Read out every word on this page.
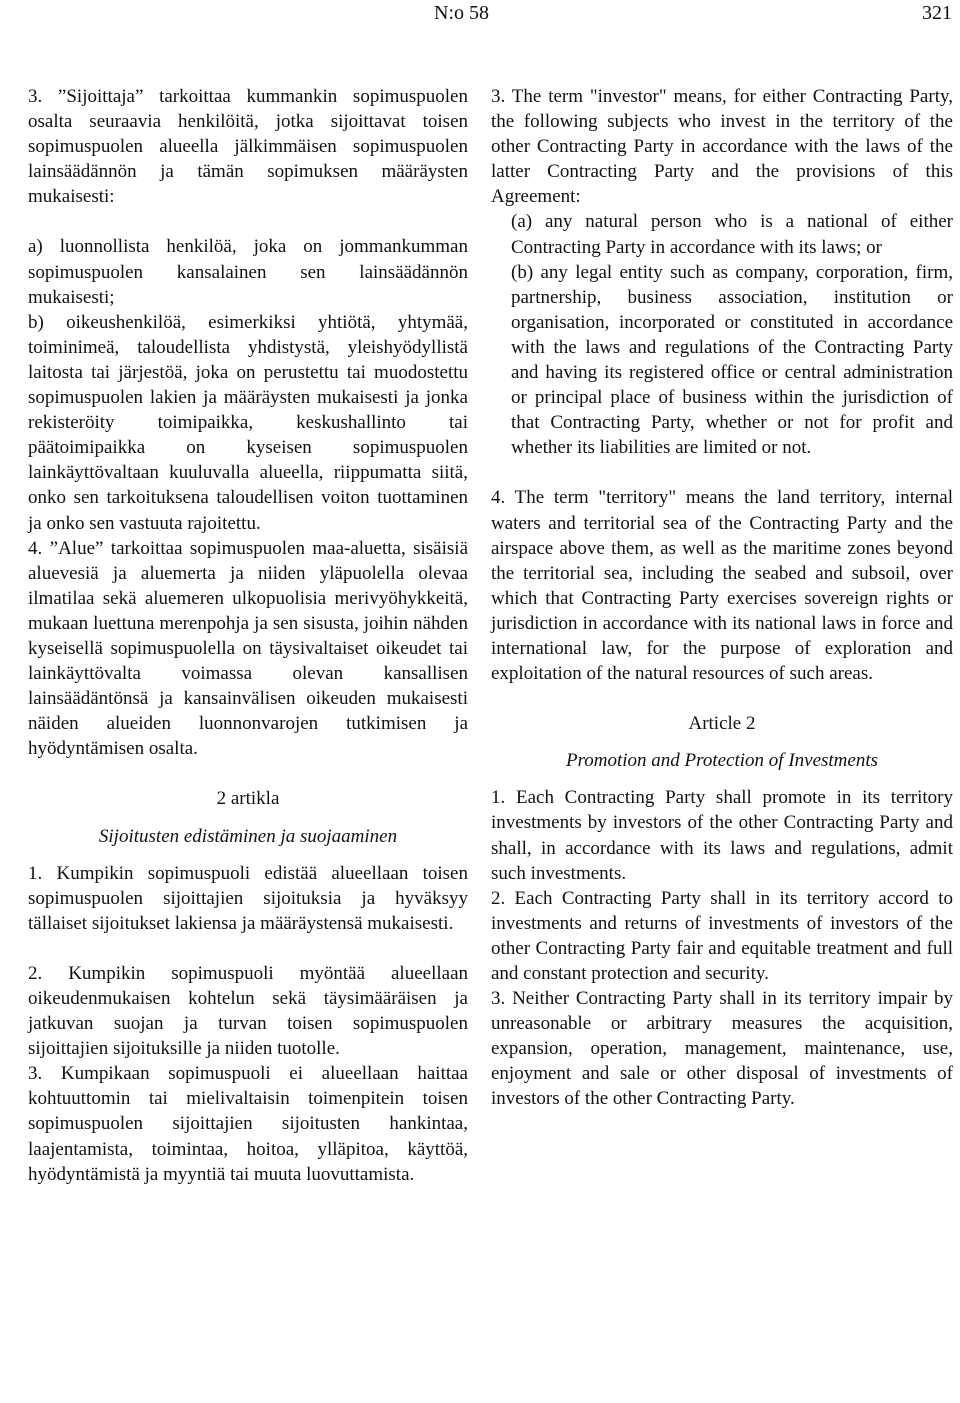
N:o 58	321

3. ”Sijoittaja” tarkoittaa kummankin sopimuspuolen osalta seuraavia henkilöitä, jotka sijoittavat toisen sopimuspuolen alueella jälkimmäisen sopimuspuolen lainsäädännön ja tämän sopimuksen määräysten mukaisesti:

a) luonnollista henkilöä, joka on jommankumman sopimuspuolen kansalainen sen lainsäädännön mukaisesti;

b) oikeushenkilöä, esimerkiksi yhtiötä, yhtymää, toiminimeä, taloudellista yhdistystä, yleishyödyllistä laitosta tai järjestöä, joka on perustettu tai muodostettu sopimuspuolen lakien ja määräysten mukaisesti ja jonka rekisteröity toimipaikka, keskushallinto tai päätoimipaikka on kyseisen sopimuspuolen lainkäyttövaltaan kuuluvalla alueella, riippumatta siitä, onko sen tarkoituksena taloudellisen voiton tuottaminen ja onko sen vastuuta rajoitettu.

4. ”Alue” tarkoittaa sopimuspuolen maa-aluetta, sisäisiä aluevesiä ja aluemerta ja niiden yläpuolella olevaa ilmatilaa sekä aluemeren ulkopuolisia merivyöhykkeitä, mukaan luettuna merenpohja ja sen sisusta, joihin nähden kyseisellä sopimuspuolella on täysivaltaiset oikeudet tai lainkäyttövalta voimassa olevan kansallisen lainsäädäntönsä ja kansainvälisen oikeuden mukaisesti näiden alueiden luonnonvarojen tutkimisen ja hyödyntämisen osalta.

2 artikla

Sijoitusten edistäminen ja suojaaminen

1. Kumpikin sopimuspuoli edistää alueellaan toisen sopimuspuolen sijoittajien sijoituksia ja hyväksyy tällaiset sijoitukset lakiensa ja määräystensä mukaisesti.

2. Kumpikin sopimuspuoli myöntää alueellaan oikeudenmukaisen kohtelun sekä täysimääräisen ja jatkuvan suojan ja turvan toisen sopimuspuolen sijoittajien sijoituksille ja niiden tuotolle.

3. Kumpikaan sopimuspuoli ei alueellaan haittaa kohtuuttomin tai mielivaltaisin toimenpitein toisen sopimuspuolen sijoittajien sijoitusten hankintaa, laajentamista, toimintaa, hoitoa, ylläpitoa, käyttöä, hyödyntämistä ja myyntiä tai muuta luovuttamista.

3. The term "investor" means, for either Contracting Party, the following subjects who invest in the territory of the other Contracting Party in accordance with the laws of the latter Contracting Party and the provisions of this Agreement:

(a) any natural person who is a national of either Contracting Party in accordance with its laws; or

(b) any legal entity such as company, corporation, firm, partnership, business association, institution or organisation, incorporated or constituted in accordance with the laws and regulations of the Contracting Party and having its registered office or central administration or principal place of business within the jurisdiction of that Contracting Party, whether or not for profit and whether its liabilities are limited or not.

4. The term "territory" means the land territory, internal waters and territorial sea of the Contracting Party and the airspace above them, as well as the maritime zones beyond the territorial sea, including the seabed and subsoil, over which that Contracting Party exercises sovereign rights or jurisdiction in accordance with its national laws in force and international law, for the purpose of exploration and exploitation of the natural resources of such areas.

Article 2

Promotion and Protection of Investments

1. Each Contracting Party shall promote in its territory investments by investors of the other Contracting Party and shall, in accordance with its laws and regulations, admit such investments.

2. Each Contracting Party shall in its territory accord to investments and returns of investments of investors of the other Contracting Party fair and equitable treatment and full and constant protection and security.

3. Neither Contracting Party shall in its territory impair by unreasonable or arbitrary measures the acquisition, expansion, operation, management, maintenance, use, enjoyment and sale or other disposal of investments of investors of the other Contracting Party.
